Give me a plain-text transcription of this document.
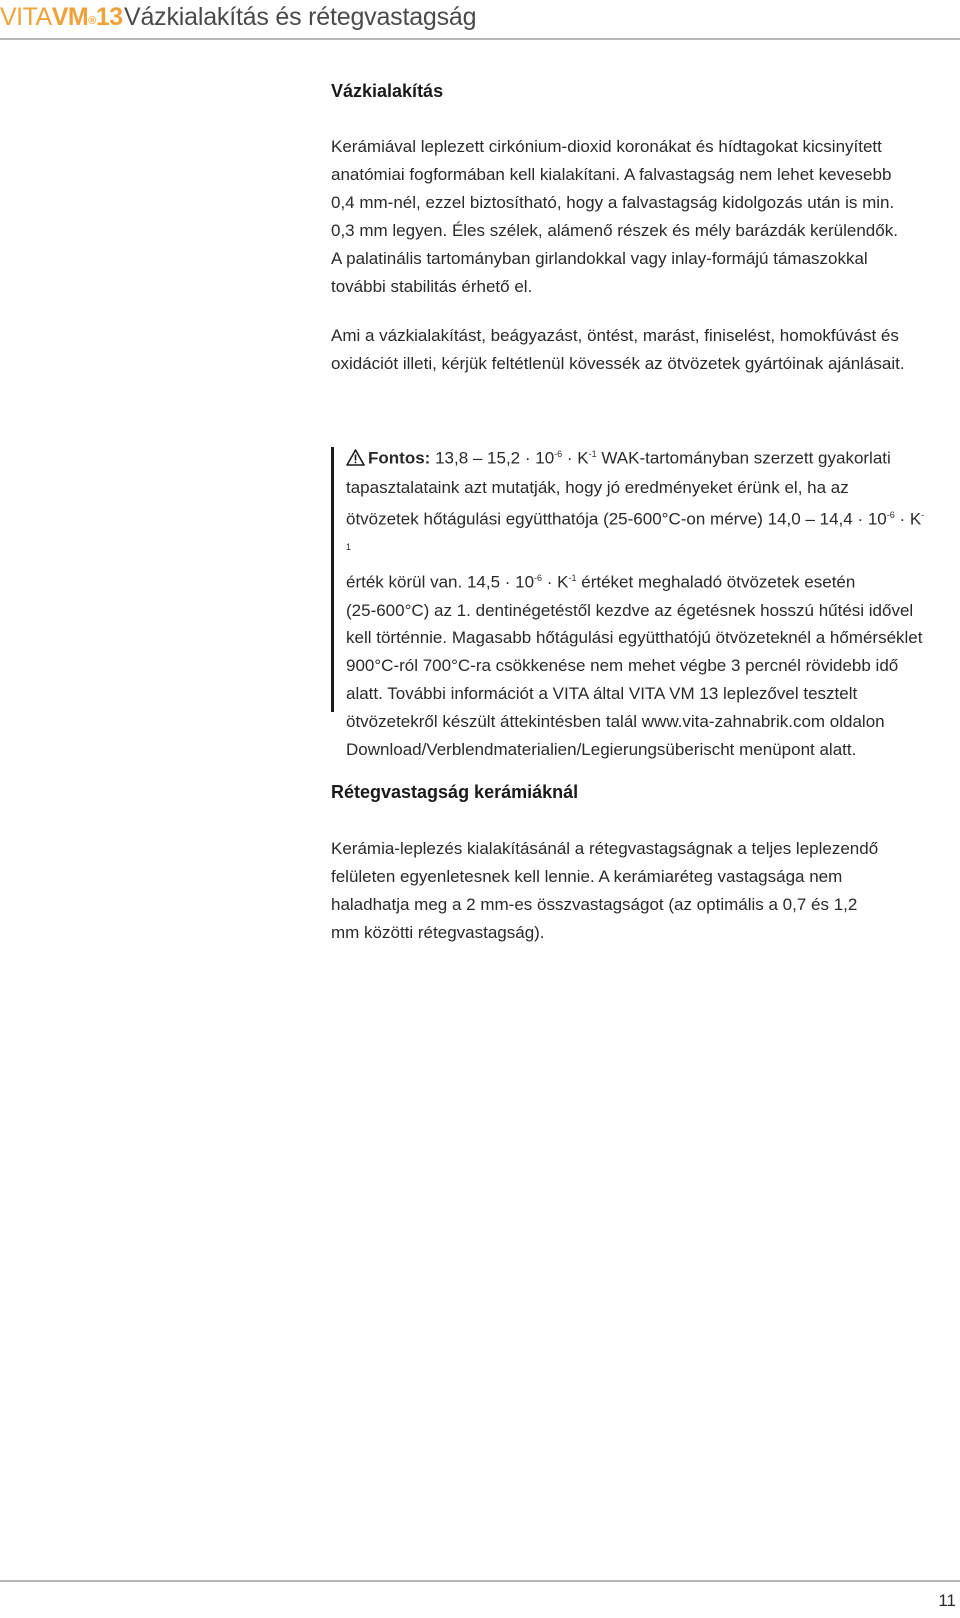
VITAVM®13 Vázkialakítás és rétegvastagság
Vázkialakítás

Kerámiával leplezett cirkónium-dioxid koronákat és hídtagokat kicsinyített

anatómiai fogformában kell kialakítani. A falvastagság nem lehet kevesebb

0,4 mm-nél, ezzel biztosítható, hogy a falvastagság kidolgozás után is min.

0,3 mm legyen. Éles szélek, alámenő részek és mély barázdák kerülendők.

A palatinális tartományban girlandokkal vagy inlay-formájú támaszokkal

további stabilitás érhető el.

Ami a vázkialakítást, beágyazást, öntést, marást, finiselést, homokfúvást és

oxidációt illeti, kérjük feltétlenül kövessék az ötvözetek gyártóinak ajánlásait.

Fontos: $13,8 - 15,2 \cdot 10^{-6} \cdot K^{-1}$ WAK-tartományban szerzett gyakorlati
tapasztalataink azt mutatják, hogy jó eredményeket érünk el, ha az
ötvözetek hőtágulási együtthatója (25-600°C-on mérve) $14,0 - 14,4 \cdot 10^{-6} \cdot K^{-1}$
érték körül van. $14,5 \cdot 10^{-6} \cdot K^{-1}$ értéket meghaladó ötvözetek esetén
(25-600°C) az 1. dentinégetéstől kezdve az égetésnek hosszú hűtési idővel
kell történnie. Magasabb hőtágulási együtthatójú ötvözeteknél a hőmérséklet
900°C-ról 700°C-ra csökkenése nem mehet végbe 3 percnél rövidebb idő
alatt. További információt a VITA által VITA VM 13 leplezővel tesztelt
ötvözetekről készült áttekintésben talál www.vita-zahnabrik.com oldalon
Download/Verblendmaterialien/Legierungsüberischt menüpont alatt.
Rétegvastagság kerámiáknál

Kerámia-leplezés kialakításánál a rétegvastagságnak a teljes leplezendő

felületen egyenletesnek kell lennie. A kerámiaréteg vastagsága nem

haladhatja meg a 2 mm-es összvastagságot (az optimális a 0,7 és 1,2

mm közötti rétegvastagság).

11
